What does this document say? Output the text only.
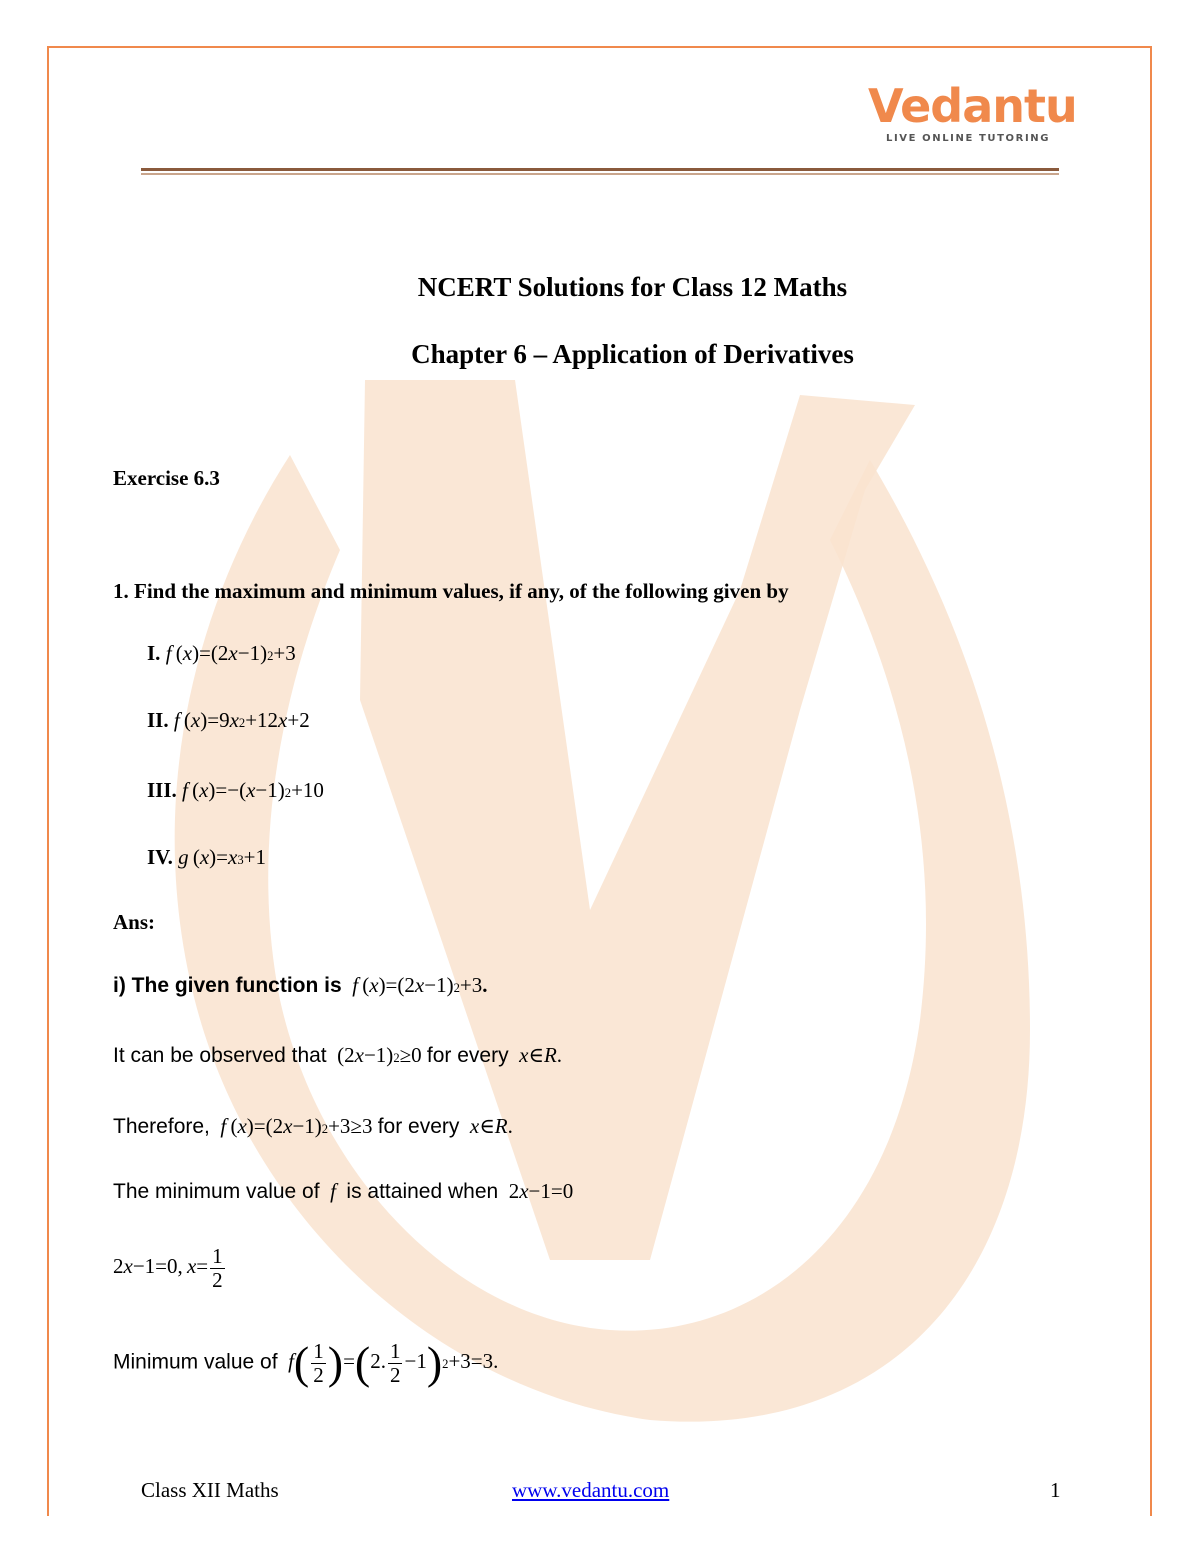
Vedantu
LIVE ONLINE TUTORING
NCERT Solutions for Class 12 Maths
Chapter 6 – Application of Derivatives
Exercise 6.3
1. Find the maximum and minimum values, if any, of the following given by
I. f $(x)=(2x-1)^2+3$
II. f $(x)=9x^2+12x+2$
III. f $(x)=-(x-1)^2+10$
IV. g $(x)=x^3+1$
Ans:
i) The given function is f $(x)=(2x-1)^2+3$.
It can be observed that  $(2x-1)^2\ge 0$ for every x∈R.
Therefore, f $(x)=(2x-1)^2+3\ge 3$ for every x∈R.
The minimum value of f is attained when  2x−1=0
2x−1=0, $x= \frac{1}{2}$
Minimum value of $f( \frac{1}{2} )=(2$. $\frac{1}{2} -1)^2+3=3$.
Class XII Maths	www.vedantu.com	1
